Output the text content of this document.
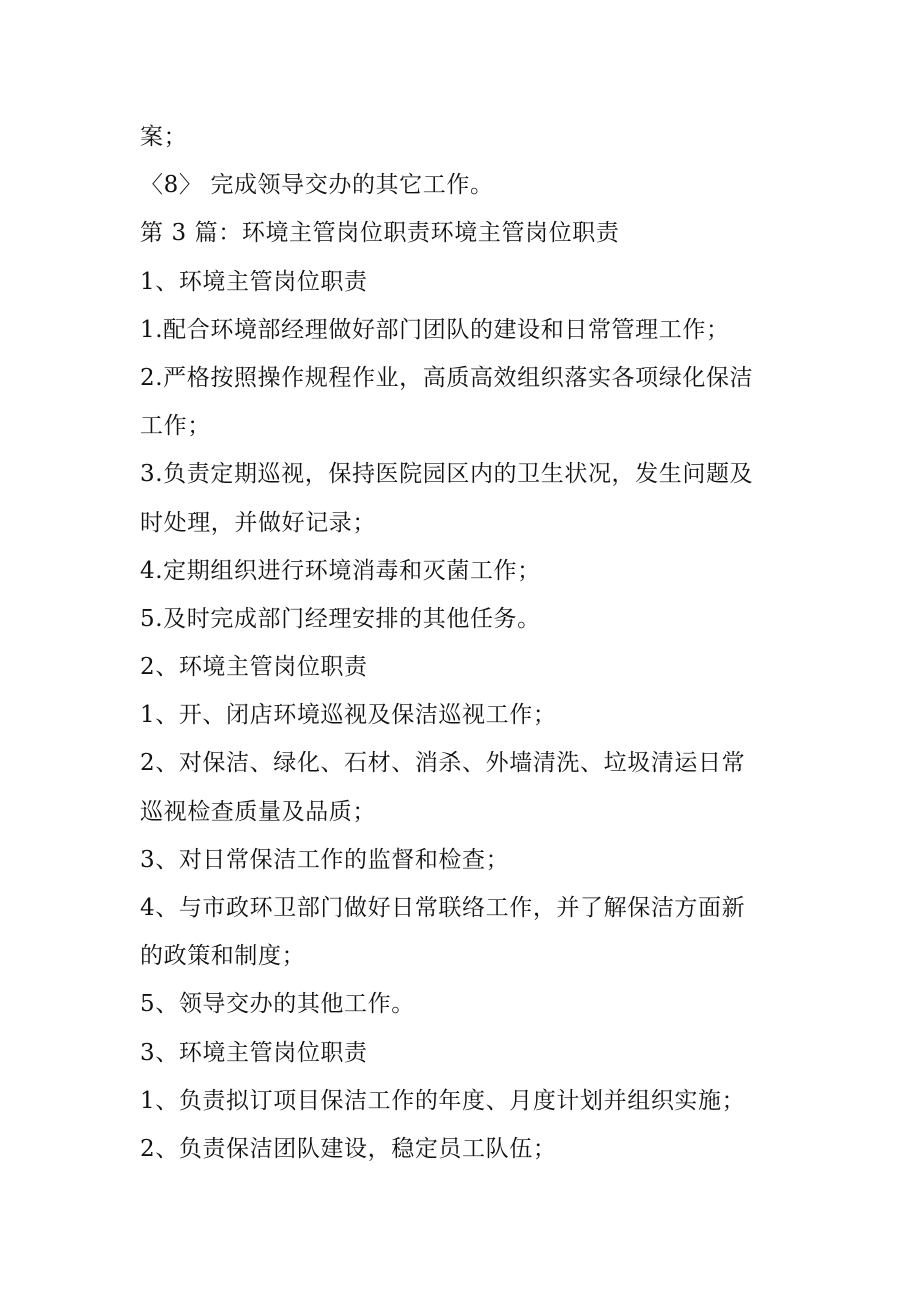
案；

〈8〉 完成领导交办的其它工作。

第 3 篇：环境主管岗位职责环境主管岗位职责

1、环境主管岗位职责

1.配合环境部经理做好部门团队的建设和日常管理工作；

2.严格按照操作规程作业，高质高效组织落实各项绿化保洁

工作；

3.负责定期巡视，保持医院园区内的卫生状况，发生问题及

时处理，并做好记录；

4.定期组织进行环境消毒和灭菌工作；

5.及时完成部门经理安排的其他任务。

2、环境主管岗位职责

1、开、闭店环境巡视及保洁巡视工作；

2、对保洁、绿化、石材、消杀、外墙清洗、垃圾清运日常

巡视检查质量及品质；

3、对日常保洁工作的监督和检查；

4、与市政环卫部门做好日常联络工作，并了解保洁方面新

的政策和制度；

5、领导交办的其他工作。

3、环境主管岗位职责

1、负责拟订项目保洁工作的年度、月度计划并组织实施；

2、负责保洁团队建设，稳定员工队伍；
